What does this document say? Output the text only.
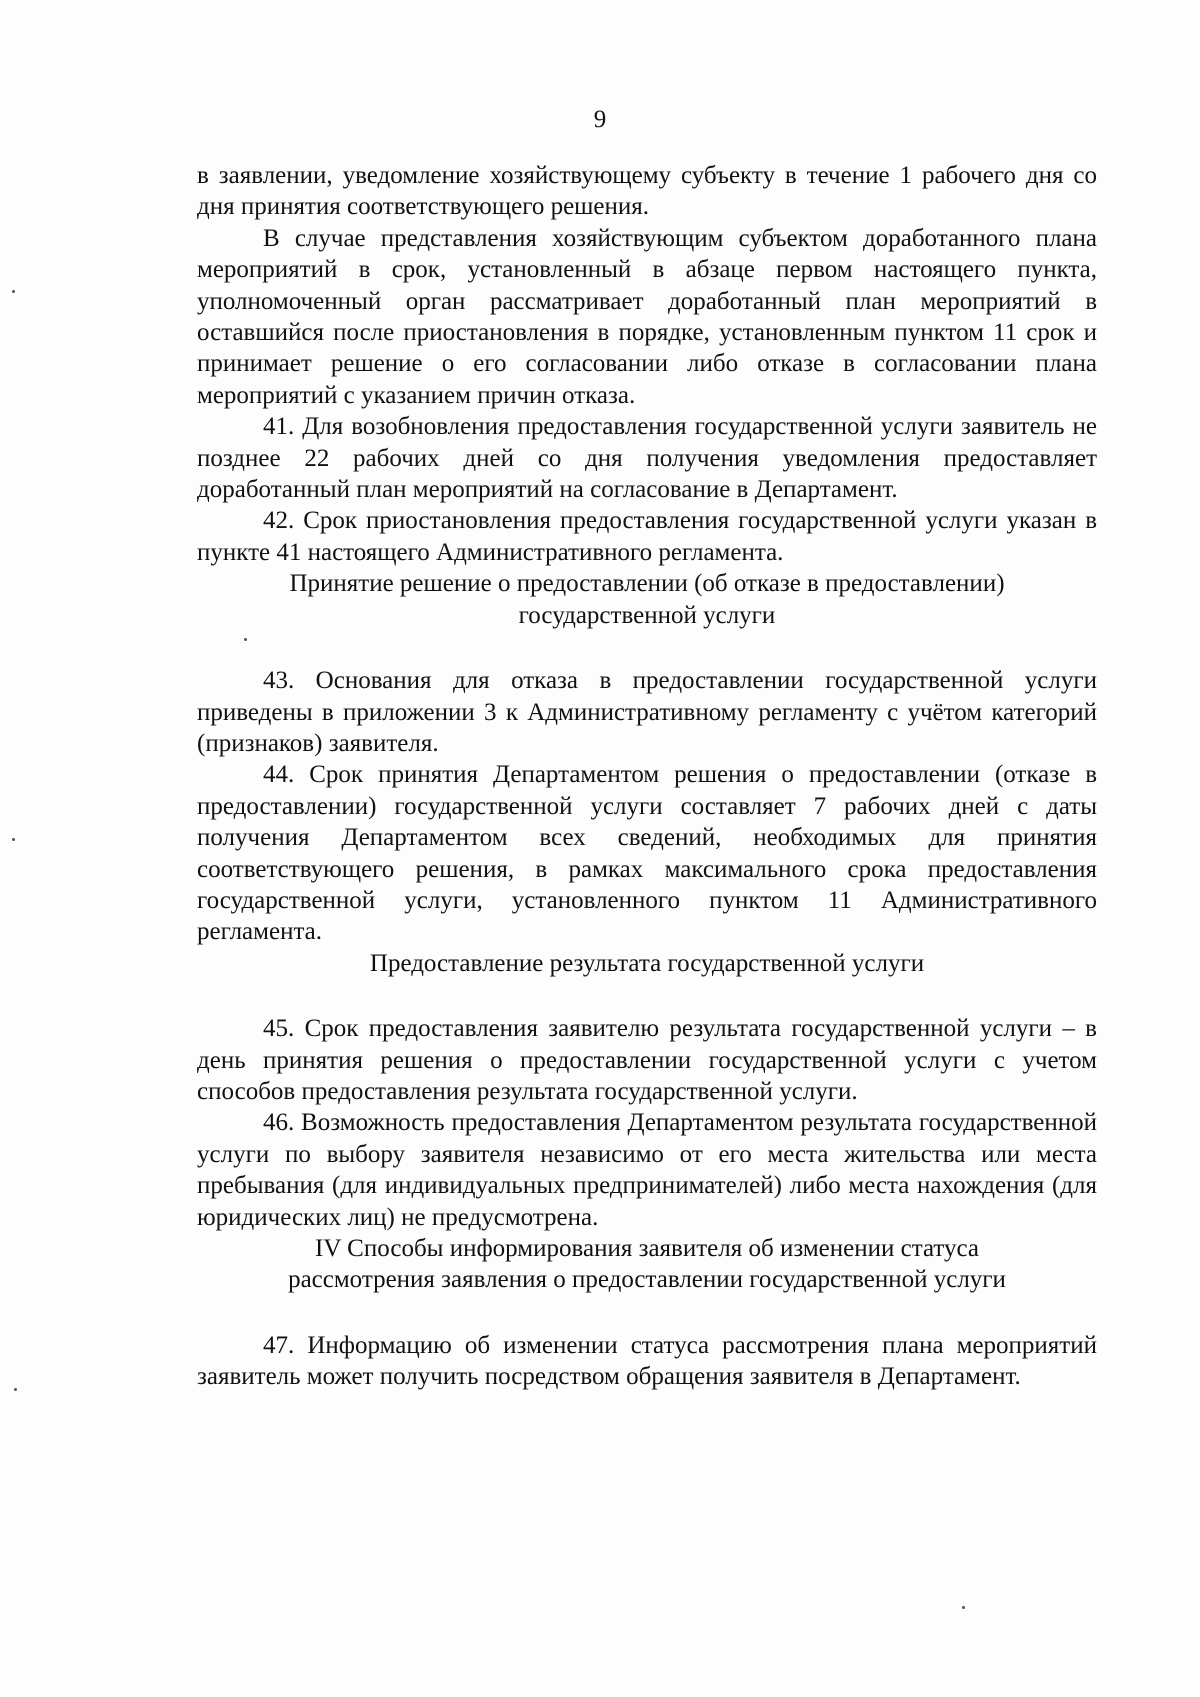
9

в заявлении, уведомление хозяйствующему субъекту в течение 1 рабочего дня со дня принятия соответствующего решения.

В случае представления хозяйствующим субъектом доработанного плана мероприятий в срок, установленный в абзаце первом настоящего пункта, уполномоченный орган рассматривает доработанный план мероприятий в оставшийся после приостановления в порядке, установленным пунктом 11 срок и принимает решение о его согласовании либо отказе в согласовании плана мероприятий с указанием причин отказа.

41. Для возобновления предоставления государственной услуги заявитель не позднее 22 рабочих дней со дня получения уведомления предоставляет доработанный план мероприятий на согласование в Департамент.

42. Срок приостановления предоставления государственной услуги указан в пункте 41 настоящего Административного регламента.

Принятие решение о предоставлении (об отказе в предоставлении)
государственной услуги

43. Основания для отказа в предоставлении государственной услуги приведены в приложении 3 к Административному регламенту с учётом категорий (признаков) заявителя.

44. Срок принятия Департаментом решения о предоставлении (отказе в предоставлении) государственной услуги составляет 7 рабочих дней с даты получения Департаментом всех сведений, необходимых для принятия соответствующего решения, в рамках максимального срока предоставления государственной услуги, установленного пунктом 11 Административного регламента.

Предоставление результата государственной услуги

45. Срок предоставления заявителю результата государственной услуги – в день принятия решения о предоставлении государственной услуги с учетом способов предоставления результата государственной услуги.

46. Возможность предоставления Департаментом результата государственной услуги по выбору заявителя независимо от его места жительства или места пребывания (для индивидуальных предпринимателей) либо места нахождения (для юридических лиц) не предусмотрена.

IV Способы информирования заявителя об изменении статуса
рассмотрения заявления о предоставлении государственной услуги

47. Информацию об изменении статуса рассмотрения плана мероприятий заявитель может получить посредством обращения заявителя в Департамент.
